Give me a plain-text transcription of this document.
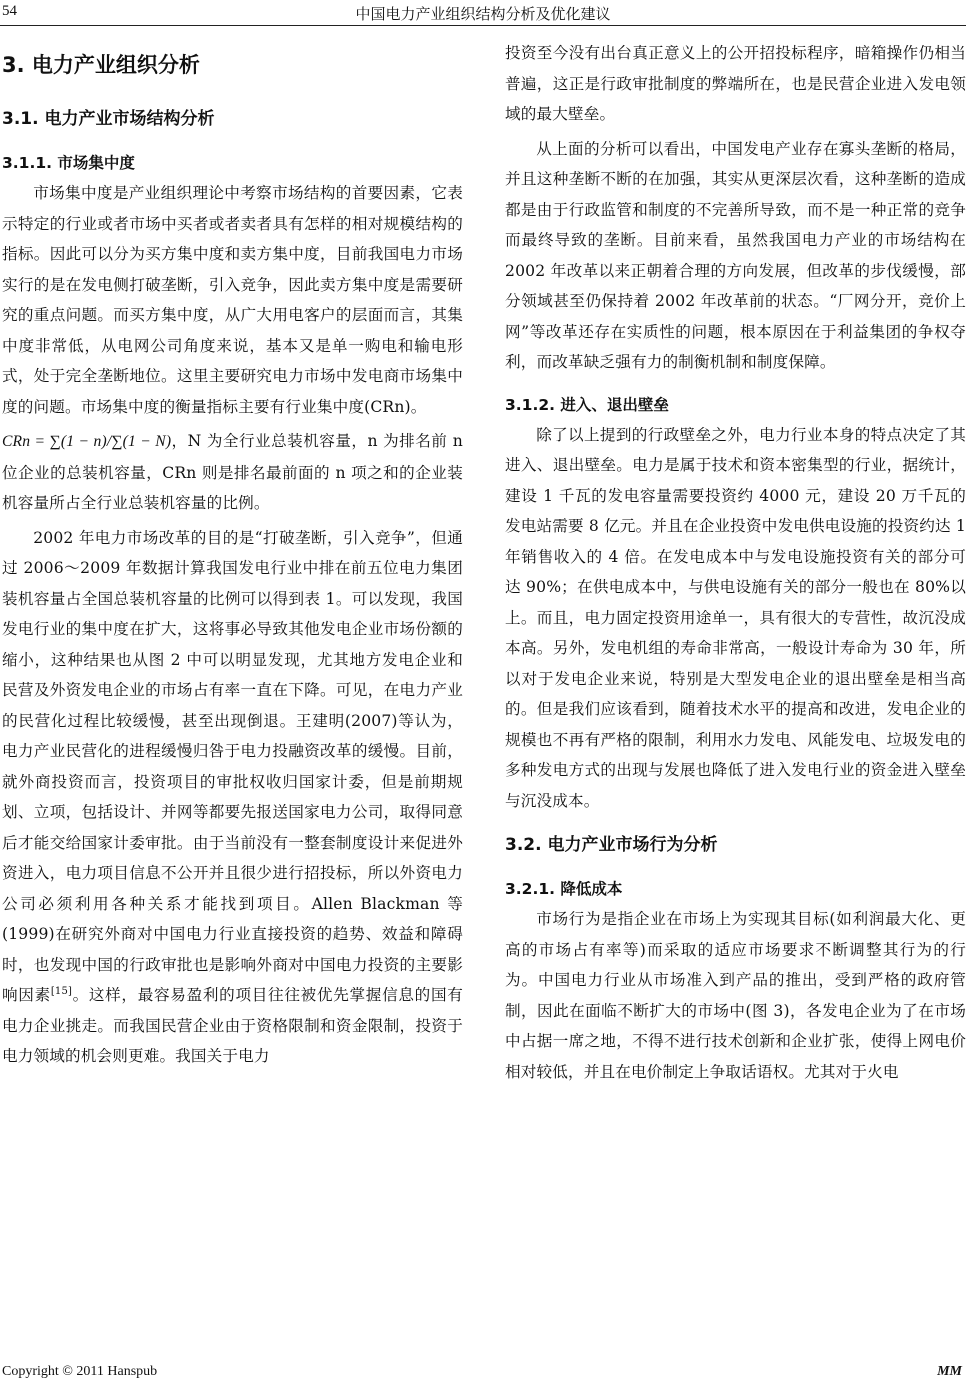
54	中国电力产业组织结构分析及优化建议
3. 电力产业组织分析
3.1. 电力产业市场结构分析
3.1.1. 市场集中度

市场集中度是产业组织理论中考察市场结构的首要因素，它表示特定的行业或者市场中买者或者卖者具有怎样的相对规模结构的指标。因此可以分为买方集中度和卖方集中度，目前我国电力市场实行的是在发电侧打破垄断，引入竞争，因此卖方集中度是需要研究的重点问题。而买方集中度，从广大用电客户的层面而言，其集中度非常低，从电网公司角度来说，基本又是单一购电和输电形式，处于完全垄断地位。这里主要研究电力市场中发电商市场集中度的问题。市场集中度的衡量指标主要有行业集中度(CRn)。

CRn = ∑(1 − n)/∑(1 − N)，N 为全行业总装机容量，n 为排名前 n 位企业的总装机容量，CRn 则是排名最前面的 n 项之和的企业装机容量所占全行业总装机容量的比例。

2002 年电力市场改革的目的是“打破垄断，引入竞争”，但通过 2006～2009 年数据计算我国发电行业中排在前五位电力集团装机容量占全国总装机容量的比例可以得到表 1。可以发现，我国发电行业的集中度在扩大，这将事必导致其他发电企业市场份额的缩小，这种结果也从图 2 中可以明显发现，尤其地方发电企业和民营及外资发电企业的市场占有率一直在下降。可见，在电力产业的民营化过程比较缓慢，甚至出现倒退。王建明(2007)等认为，电力产业民营化的进程缓慢归咎于电力投融资改革的缓慢。目前，就外商投资而言，投资项目的审批权收归国家计委，但是前期规划、立项，包括设计、并网等都要先报送国家电力公司，取得同意后才能交给国家计委审批。由于当前没有一整套制度设计来促进外资进入，电力项目信息不公开并且很少进行招投标，所以外资电力公司必须利用各种关系才能找到项目。Allen Blackman 等(1999)在研究外商对中国电力行业直接投资的趋势、效益和障碍时，也发现中国的行政审批也是影响外商对中国电力投资的主要影响因素[15]。这样，最容易盈利的项目往往被优先掌握信息的国有电力企业挑走。而我国民营企业由于资格限制和资金限制，投资于电力领域的机会则更难。我国关于电力

投资至今没有出台真正意义上的公开招投标程序，暗箱操作仍相当普遍，这正是行政审批制度的弊端所在，也是民营企业进入发电领域的最大壁垒。

从上面的分析可以看出，中国发电产业存在寡头垄断的格局，并且这种垄断不断的在加强，其实从更深层次看，这种垄断的造成都是由于行政监管和制度的不完善所导致，而不是一种正常的竞争而最终导致的垄断。目前来看，虽然我国电力产业的市场结构在 2002 年改革以来正朝着合理的方向发展，但改革的步伐缓慢，部分领域甚至仍保持着 2002 年改革前的状态。“厂网分开，竞价上网”等改革还存在实质性的问题，根本原因在于利益集团的争权夺利，而改革缺乏强有力的制衡机制和制度保障。

3.1.2. 进入、退出壁垒

除了以上提到的行政壁垒之外，电力行业本身的特点决定了其进入、退出壁垒。电力是属于技术和资本密集型的行业，据统计，建设 1 千瓦的发电容量需要投资约 4000 元，建设 20 万千瓦的发电站需要 8 亿元。并且在企业投资中发电供电设施的投资约达 1 年销售收入的 4 倍。在发电成本中与发电设施投资有关的部分可达 90%；在供电成本中，与供电设施有关的部分一般也在 80%以上。而且，电力固定投资用途单一，具有很大的专营性，故沉没成本高。另外，发电机组的寿命非常高，一般设计寿命为 30 年，所以对于发电企业来说，特别是大型发电企业的退出壁垒是相当高的。但是我们应该看到，随着技术水平的提高和改进，发电企业的规模也不再有严格的限制，利用水力发电、风能发电、垃圾发电的多种发电方式的出现与发展也降低了进入发电行业的资金进入壁垒与沉没成本。

3.2. 电力产业市场行为分析
3.2.1. 降低成本

市场行为是指企业在市场上为实现其目标(如利润最大化、更高的市场占有率等)而采取的适应市场要求不断调整其行为的行为。中国电力行业从市场准入到产品的推出，受到严格的政府管制，因此在面临不断扩大的市场中(图 3)，各发电企业为了在市场中占据一席之地，不得不进行技术创新和企业扩张，使得上网电价相对较低，并且在电价制定上争取话语权。尤其对于火电

Copyright © 2011 Hanspub	MM
